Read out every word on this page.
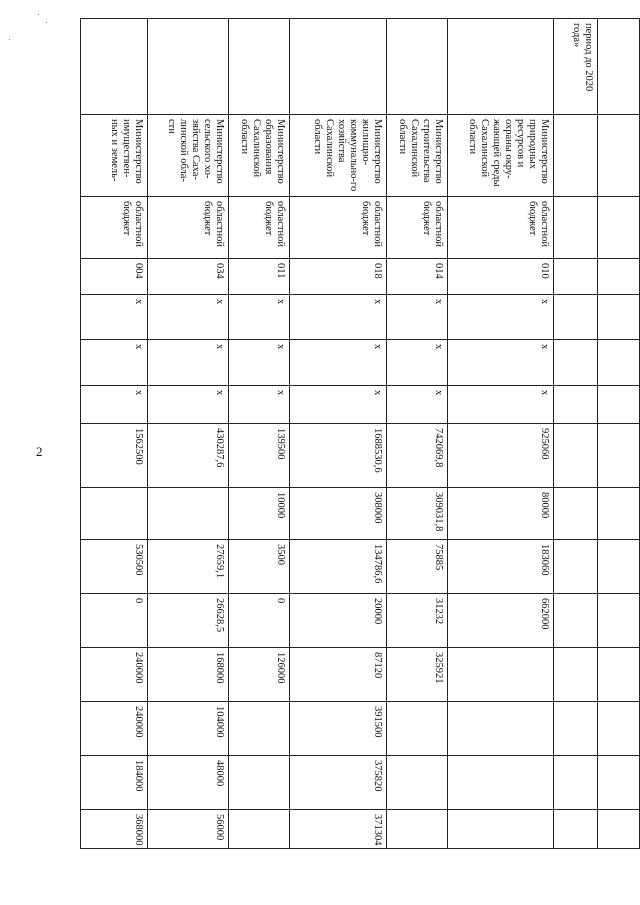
2

период до 2020 года»														
	Министерство природных ресурсов и охраны окру-жающей среды Сахалинской области	областной бюджет	010	х	х	х	925060	80000	183060	662000				
	Министерство строительства Сахалинской области	областной бюджет	014	х	х	х	742069,8	309031,8	75885	31232	325921			
	Министерство жилищно-коммунально-го хозяйства Сахалинской области	областной бюджет	018	х	х	х	1688530,6	308000	134786,6	20000	87120	391500	375820	371304
	Министерство образования Сахалинской области	областной бюджет	011	х	х	х	139500	10000	3500	0	126000			
	Министерство сельского хо-зяйства Саха-линской обла-сти	областной бюджет	034	х	х	х	430287,6		27659,1	26628,5	168000	104000	48000	56000
	Министерство имуществен-ных и земель-	областной бюджет	004	х	х	х	1562500		530500	0	240000	240000	184000	368000
